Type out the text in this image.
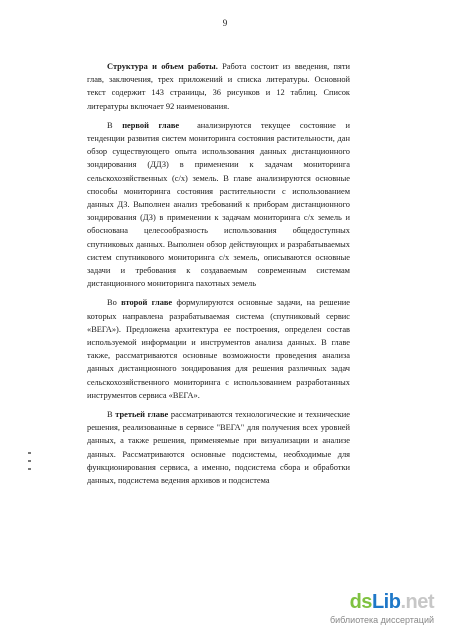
9

Структура и объем работы. Работа состоит из введения, пяти глав, заключения, трех приложений и списка литературы. Основной текст содержит 143 страницы, 36 рисунков и 12 таблиц. Список литературы включает 92 наименования.

В первой главе анализируются текущее состояние и тенденции развития систем мониторинга состояния растительности, дан обзор существующего опыта использования данных дистанционного зондирования (ДДЗ) в применении к задачам мониторинга сельскохозяйственных (с/х) земель. В главе анализируются основные способы мониторинга состояния растительности с использованием данных ДЗ. Выполнен анализ требований к приборам дистанционного зондирования (ДЗ) в применении к задачам мониторинга с/х земель и обоснована целесообразность использования общедоступных спутниковых данных. Выполнен обзор действующих и разрабатываемых систем спутникового мониторинга с/х земель, описываются основные задачи и требования к создаваемым современным системам дистанционного мониторинга пахотных земель

Во второй главе формулируются основные задачи, на решение которых направлена разрабатываемая система (спутниковый сервис «ВЕГА»). Предложена архитектура ее построения, определен состав используемой информации и инструментов анализа данных. В главе также, рассматриваются основные возможности проведения анализа данных дистанционного зондирования для решения различных задач сельскохозяйственного мониторинга с использованием разработанных инструментов сервиса «ВЕГА».

В третьей главе рассматриваются технологические и технические решения, реализованные в сервисе "ВЕГА" для получения всех уровней данных, а также решения, применяемые при визуализации и анализе данных. Рассматриваются основные подсистемы, необходимые для функционирования сервиса, а именно, подсистема сбора и обработки данных, подсистема ведения архивов и подсистема

dsLib.net
библиотека диссертаций
